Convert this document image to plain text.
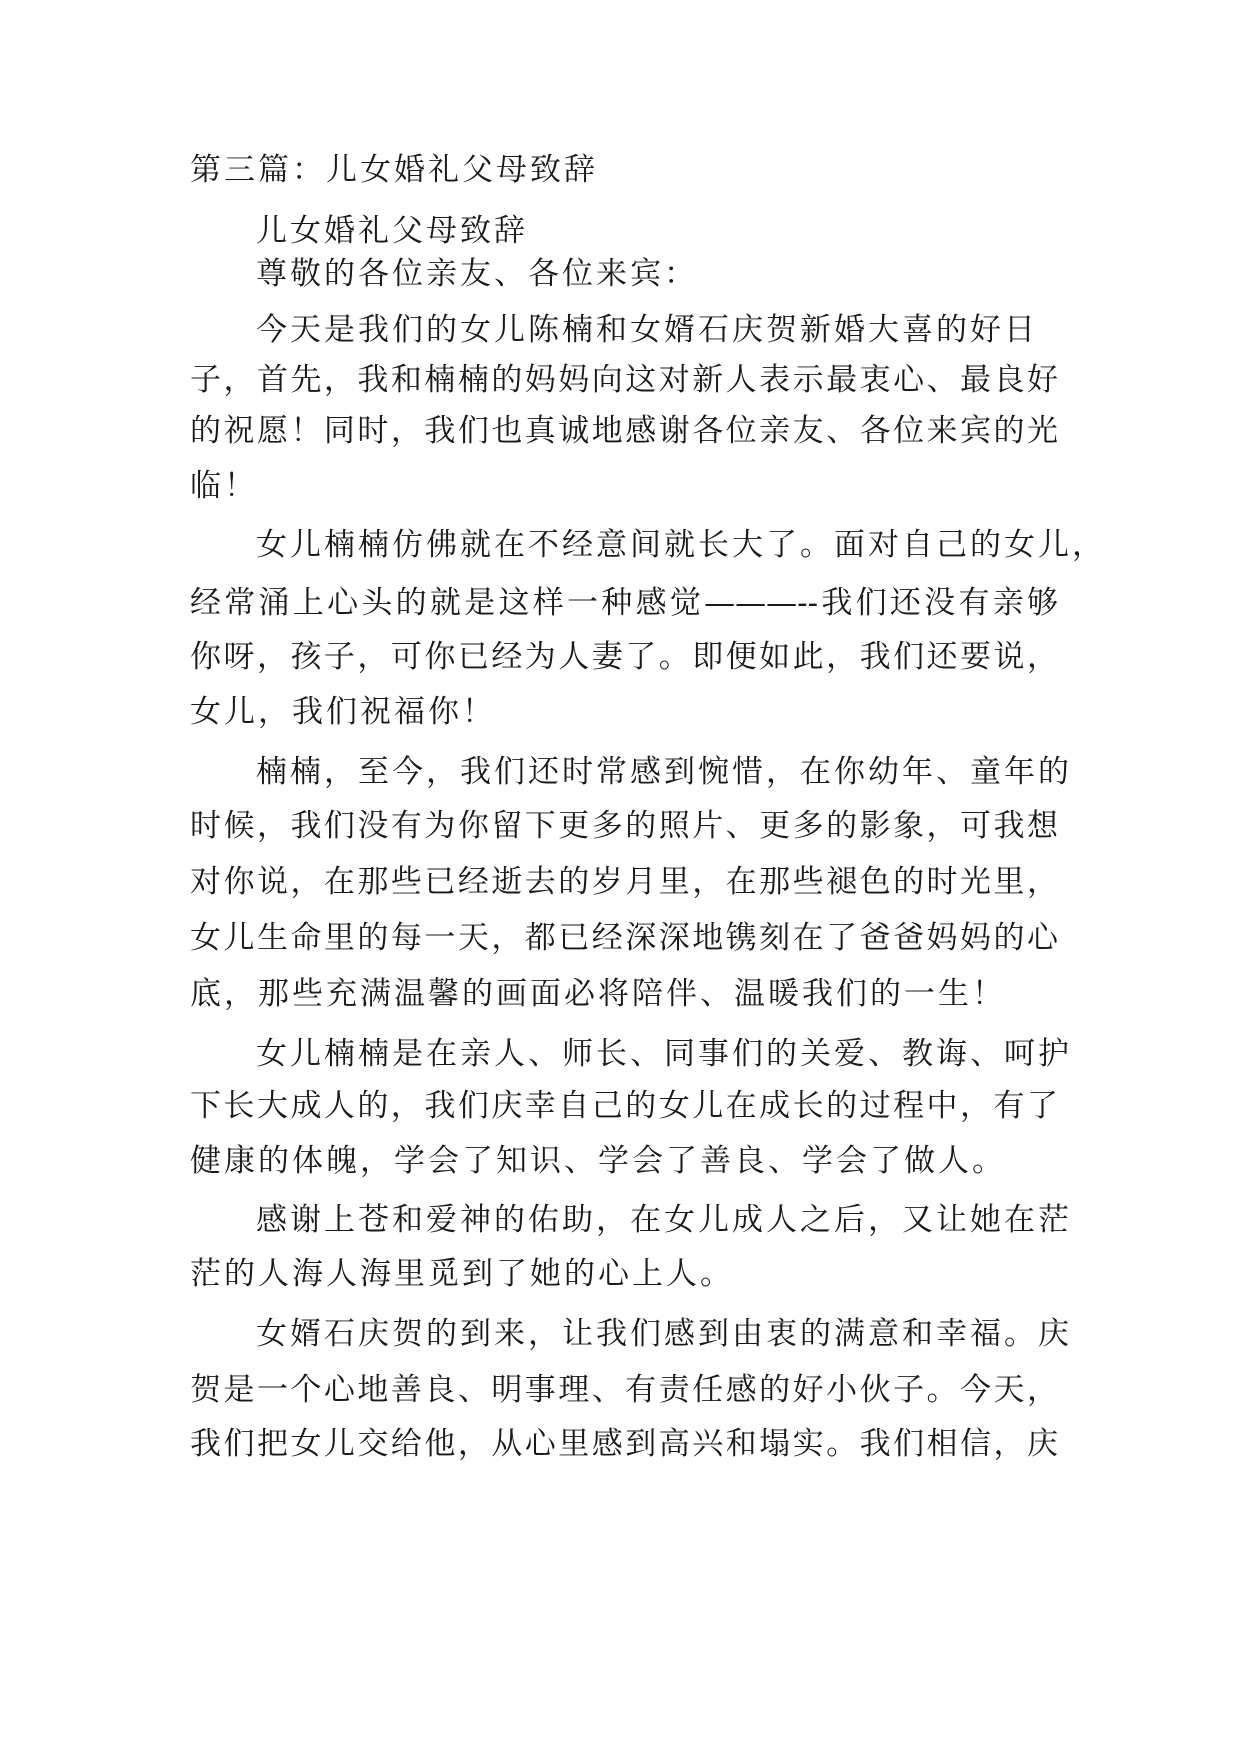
第三篇：儿女婚礼父母致辞
儿女婚礼父母致辞
尊敬的各位亲友、各位来宾：
今天是我们的女儿陈楠和女婿石庆贺新婚大喜的好日
子，首先，我和楠楠的妈妈向这对新人表示最衷心、最良好
的祝愿！同时，我们也真诚地感谢各位亲友、各位来宾的光
临！
女儿楠楠仿佛就在不经意间就长大了。面对自己的女儿，
经常涌上心头的就是这样一种感觉———--我们还没有亲够
你呀，孩子，可你已经为人妻了。即便如此，我们还要说，
女儿，我们祝福你！
楠楠，至今，我们还时常感到惋惜，在你幼年、童年的
时候，我们没有为你留下更多的照片、更多的影象，可我想
对你说，在那些已经逝去的岁月里，在那些褪色的时光里，
女儿生命里的每一天，都已经深深地镌刻在了爸爸妈妈的心
底，那些充满温馨的画面必将陪伴、温暖我们的一生！
女儿楠楠是在亲人、师长、同事们的关爱、教诲、呵护
下长大成人的，我们庆幸自己的女儿在成长的过程中，有了
健康的体魄，学会了知识、学会了善良、学会了做人。
感谢上苍和爱神的佑助，在女儿成人之后，又让她在茫
茫的人海人海里觅到了她的心上人。
女婿石庆贺的到来，让我们感到由衷的满意和幸福。庆
贺是一个心地善良、明事理、有责任感的好小伙子。今天，
我们把女儿交给他，从心里感到高兴和塌实。我们相信，庆
